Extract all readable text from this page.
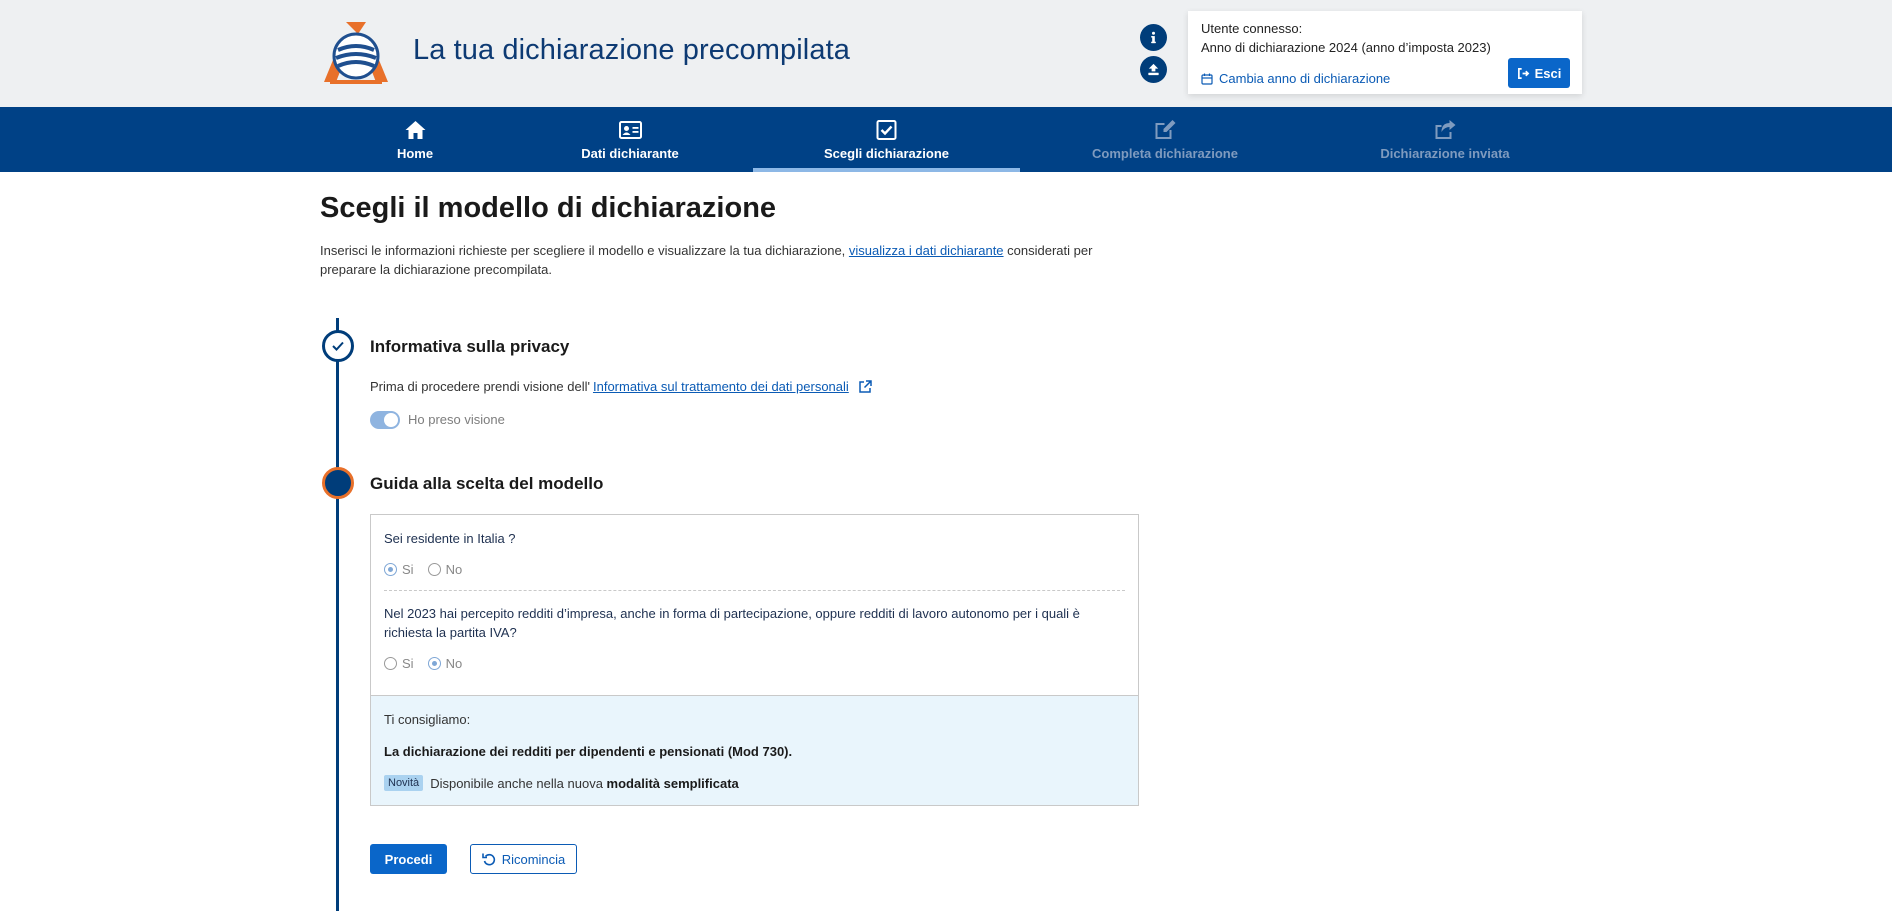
La tua dichiarazione precompilata
Utente connesso:
Anno di dichiarazione 2024 (anno d’imposta 2023)
Cambia anno di dichiarazione	Esci
Home	Dati dichiarante	Scegli dichiarazione	Completa dichiarazione	Dichiarazione inviata
Scegli il modello di dichiarazione
Inserisci le informazioni richieste per scegliere il modello e visualizzare la tua dichiarazione, visualizza i dati dichiarante considerati per preparare la dichiarazione precompilata.
Informativa sulla privacy
Prima di procedere prendi visione dell' Informativa sul trattamento dei dati personali
Ho preso visione
Guida alla scelta del modello
Sei residente in Italia ?
Si No
Nel 2023 hai percepito redditi d’impresa, anche in forma di partecipazione, oppure redditi di lavoro autonomo per i quali è richiesta la partita IVA?
Si No
Ti consigliamo:
La dichiarazione dei redditi per dipendenti e pensionati (Mod 730).
Novità Disponibile anche nella nuova modalità semplificata
Procedi	Ricomincia
